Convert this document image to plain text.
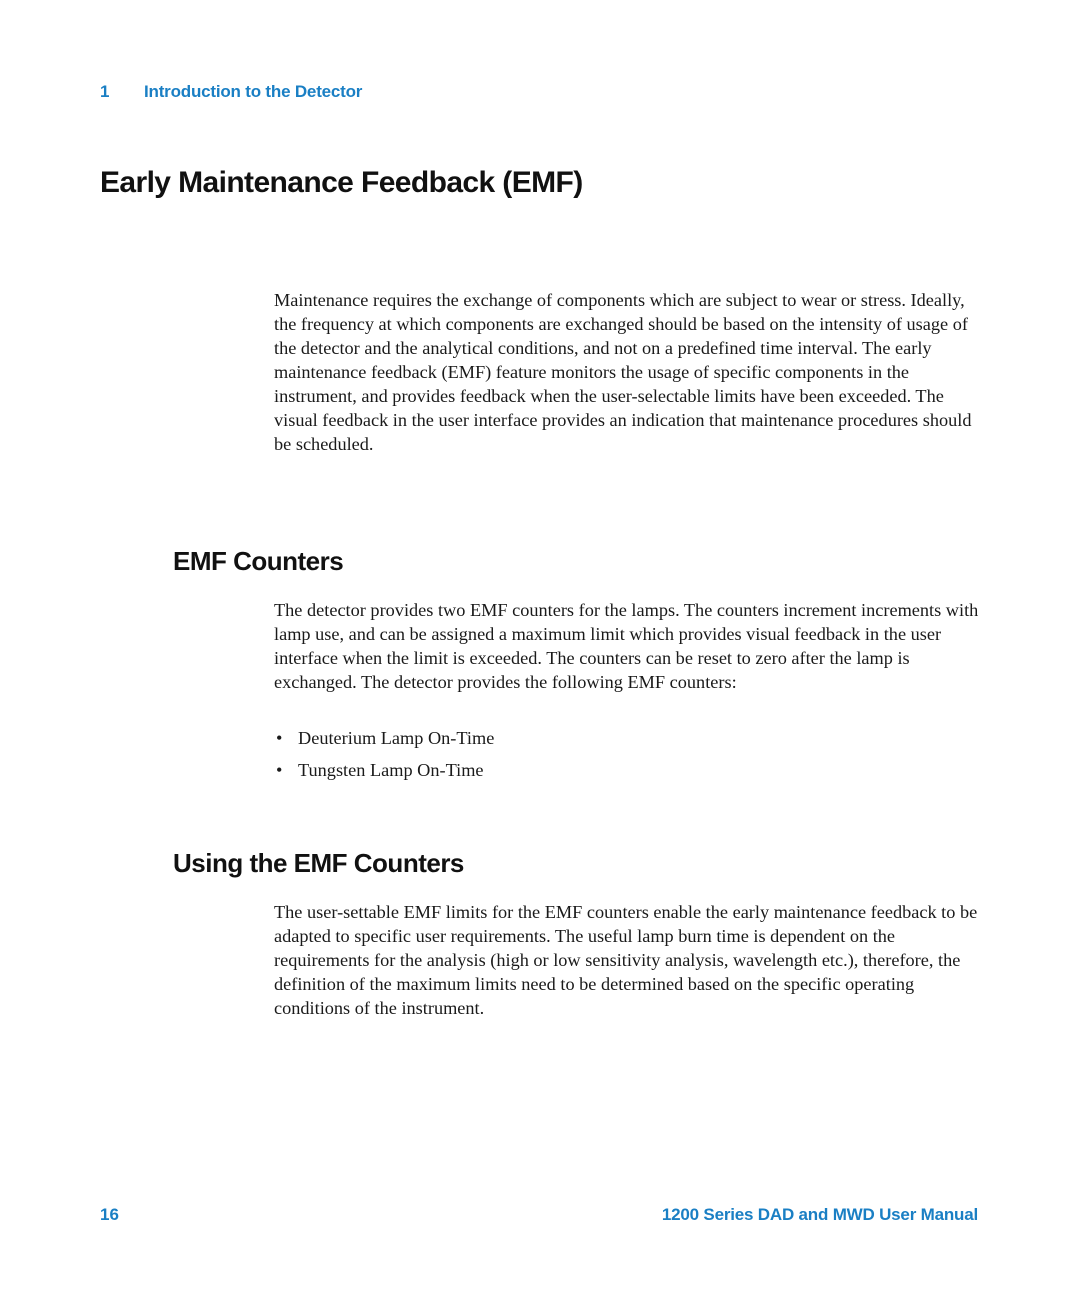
1 Introduction to the Detector
Early Maintenance Feedback (EMF)

Maintenance requires the exchange of components which are subject to wear or stress. Ideally, the frequency at which components are exchanged should be based on the intensity of usage of the detector and the analytical conditions, and not on a predefined time interval. The early maintenance feedback (EMF) feature monitors the usage of specific components in the instrument, and provides feedback when the user-selectable limits have been exceeded. The visual feedback in the user interface provides an indication that maintenance procedures should be scheduled.

EMF Counters

The detector provides two EMF counters for the lamps. The counters increment increments with lamp use, and can be assigned a maximum limit which provides visual feedback in the user interface when the limit is exceeded. The counters can be reset to zero after the lamp is exchanged. The detector provides the following EMF counters:

• Deuterium Lamp On-Time
• Tungsten Lamp On-Time
Using the EMF Counters

The user-settable EMF limits for the EMF counters enable the early maintenance feedback to be adapted to specific user requirements. The useful lamp burn time is dependent on the requirements for the analysis (high or low sensitivity analysis, wavelength etc.), therefore, the definition of the maximum limits need to be determined based on the specific operating conditions of the instrument.

16	1200 Series DAD and MWD User Manual
